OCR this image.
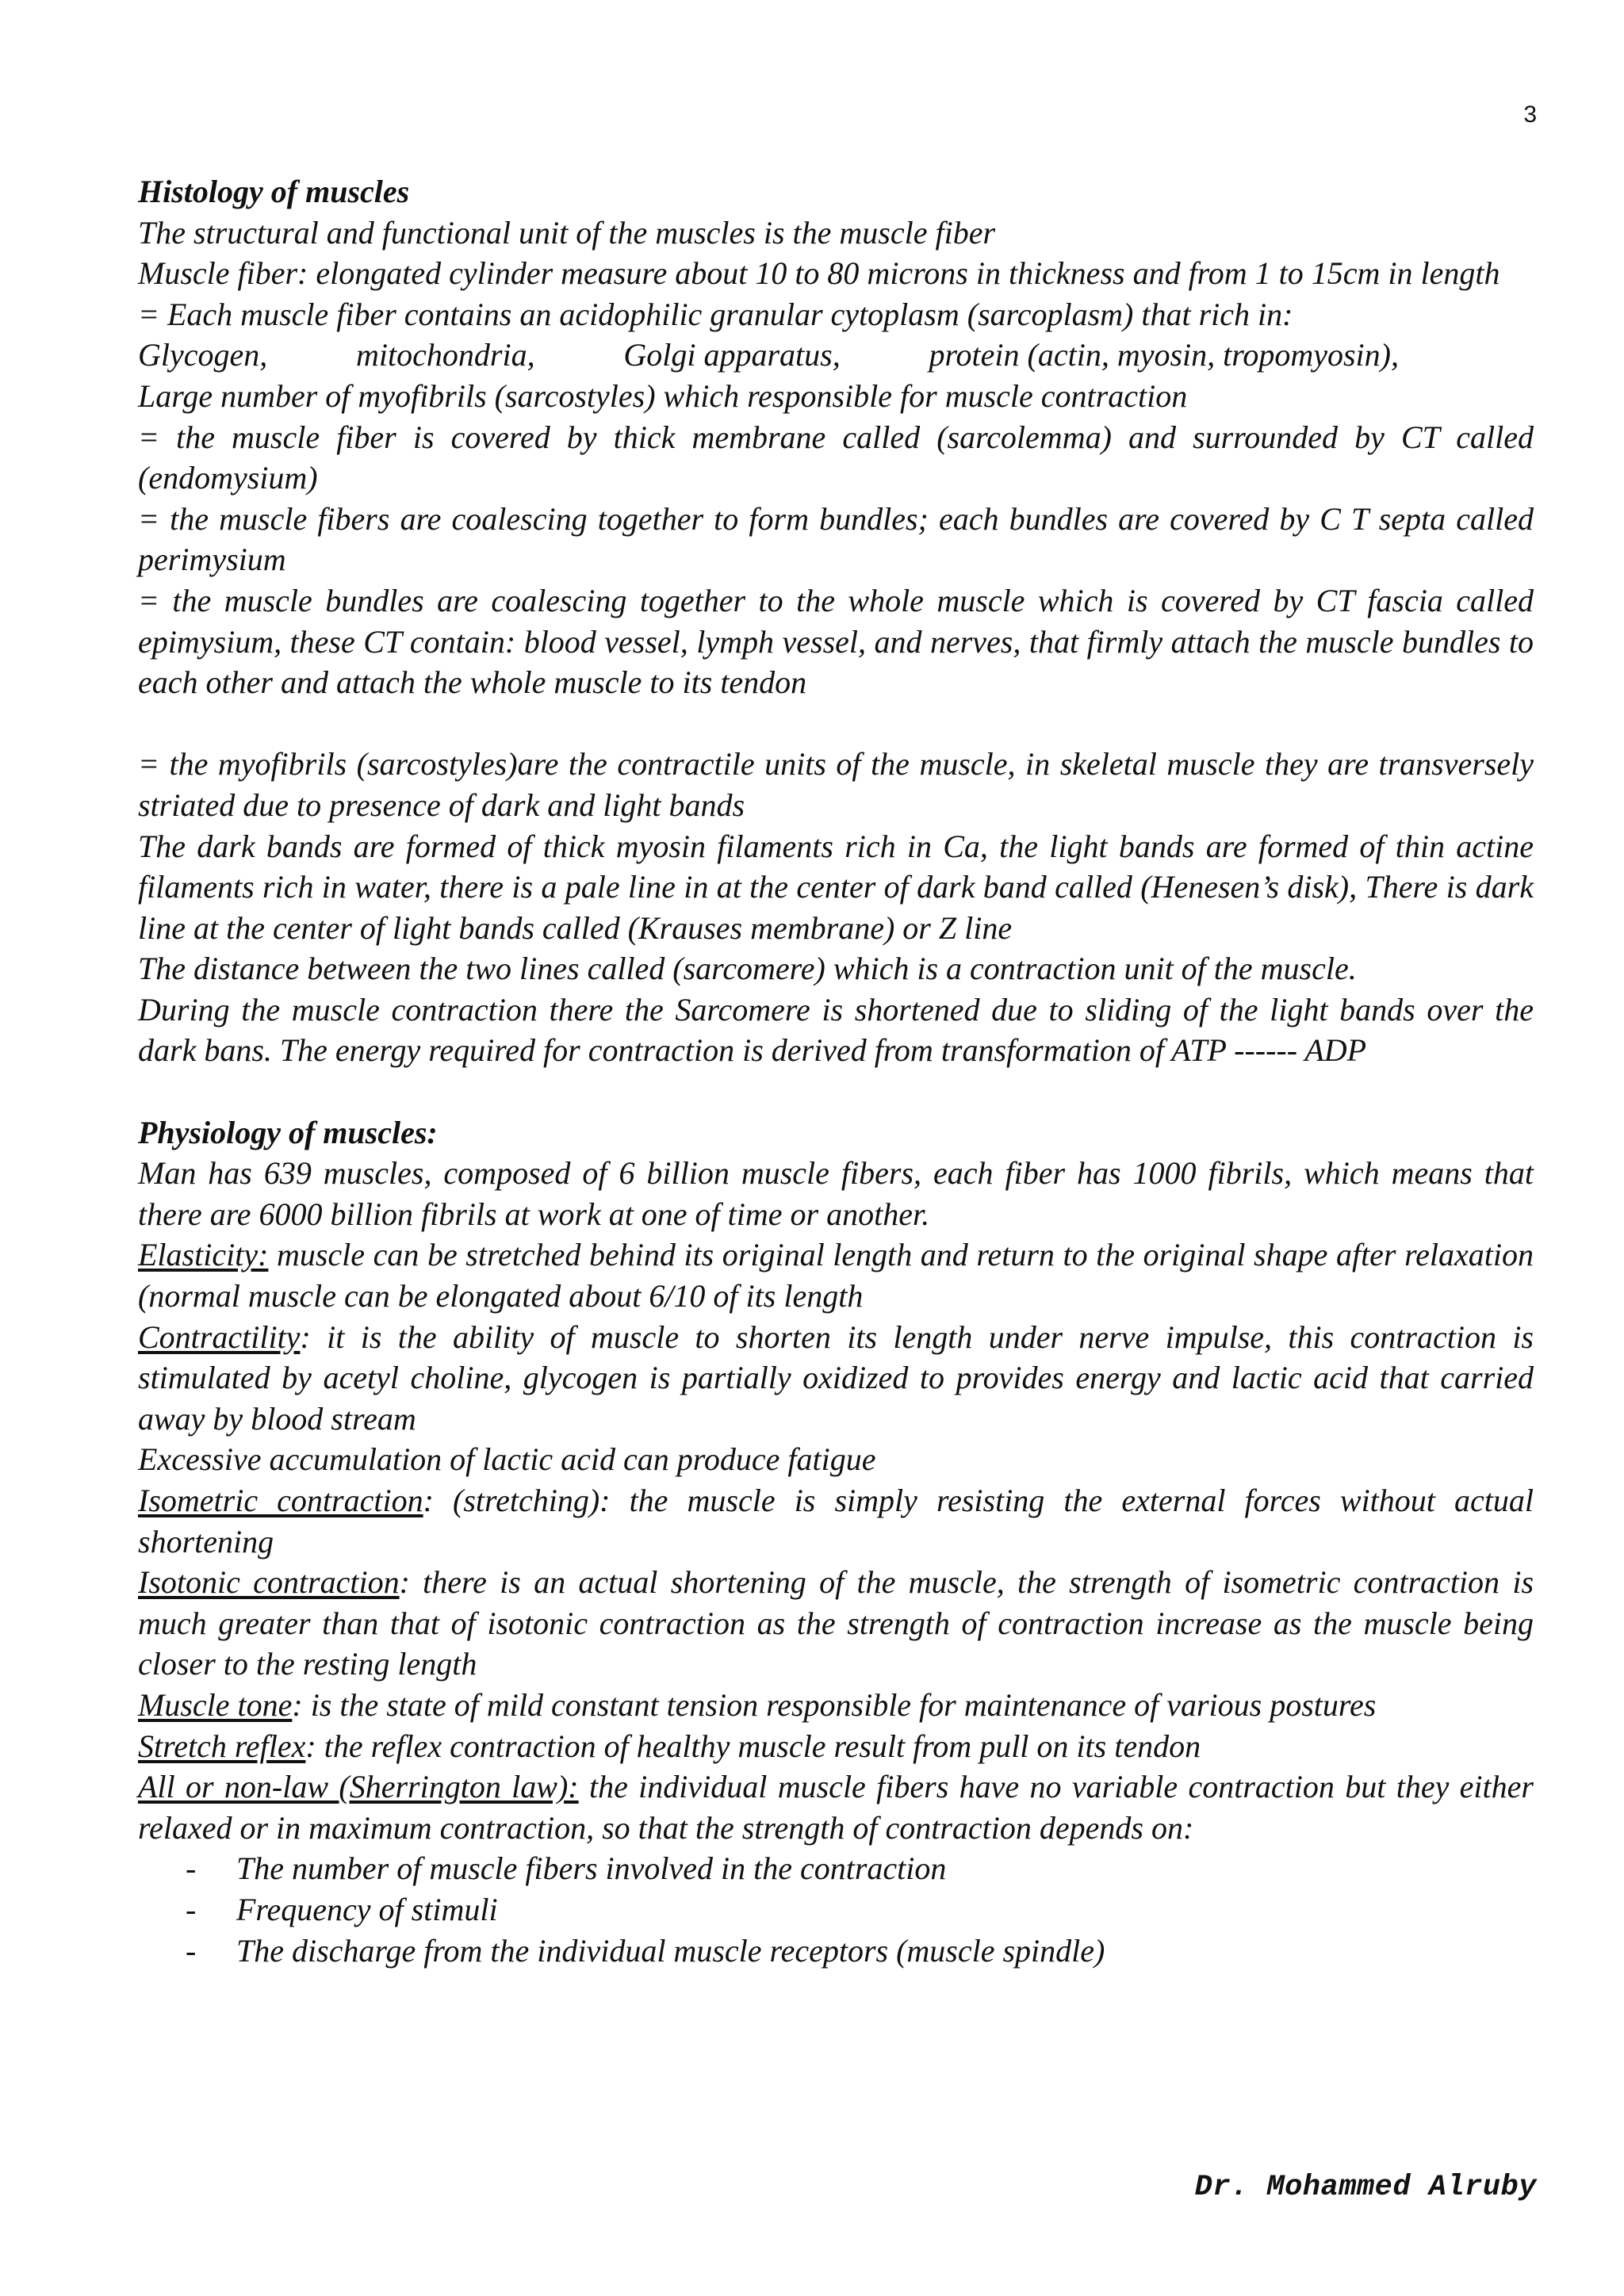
3

Histology of muscles

The structural and functional unit of the muscles is the muscle fiber

Muscle fiber: elongated cylinder measure about 10 to 80 microns in thickness and from 1 to 15cm in length

= Each muscle fiber contains an acidophilic granular cytoplasm (sarcoplasm) that rich in:

Glycogen,	mitochondria,	Golgi apparatus,	protein (actin, myosin, tropomyosin),

Large number of myofibrils (sarcostyles) which responsible for muscle contraction

= the muscle fiber is covered by thick membrane called (sarcolemma) and surrounded by CT called (endomysium)

= the muscle fibers are coalescing together to form bundles; each bundles are covered by C T septa called perimysium

= the muscle bundles are coalescing together to the whole muscle which is covered by CT fascia called epimysium, these CT contain: blood vessel, lymph vessel, and nerves, that firmly attach the muscle bundles to each other and attach the whole muscle to its tendon

= the myofibrils (sarcostyles)are the contractile units of the muscle, in skeletal muscle they are transversely striated due to presence of dark and light bands

The dark bands are formed of thick myosin filaments rich in Ca, the light bands are formed of thin actine filaments rich in water, there is a pale line in at the center of dark band called (Henesen’s disk), There is dark line at the center of light bands called (Krauses membrane) or Z line

The distance between the two lines called (sarcomere) which is a contraction unit of the muscle.

During the muscle contraction there the Sarcomere is shortened due to sliding of the light bands over the dark bans. The energy required for contraction is derived from transformation of ATP ------ ADP

Physiology of muscles:

Man has 639 muscles, composed of 6 billion muscle fibers, each fiber has 1000 fibrils, which means that there are 6000 billion fibrils at work at one of time or another.

Elasticity: muscle can be stretched behind its original length and return to the original shape after relaxation (normal muscle can be elongated about 6/10 of its length

Contractility: it is the ability of muscle to shorten its length under nerve impulse, this contraction is stimulated by acetyl choline, glycogen is partially oxidized to provides energy and lactic acid that carried away by blood stream

Excessive accumulation of lactic acid can produce fatigue

Isometric contraction: (stretching): the muscle is simply resisting the external forces without actual shortening

Isotonic contraction: there is an actual shortening of the muscle, the strength of isometric contraction is much greater than that of isotonic contraction as the strength of contraction increase as the muscle being closer to the resting length

Muscle tone: is the state of mild constant tension responsible for maintenance of various postures

Stretch reflex: the reflex contraction of healthy muscle result from pull on its tendon

All or non-law (Sherrington law): the individual muscle fibers have no variable contraction but they either relaxed or in maximum contraction, so that the strength of contraction depends on:

- The number of muscle fibers involved in the contraction
- Frequency of stimuli
- The discharge from the individual muscle receptors (muscle spindle)
Dr. Mohammed Alruby
